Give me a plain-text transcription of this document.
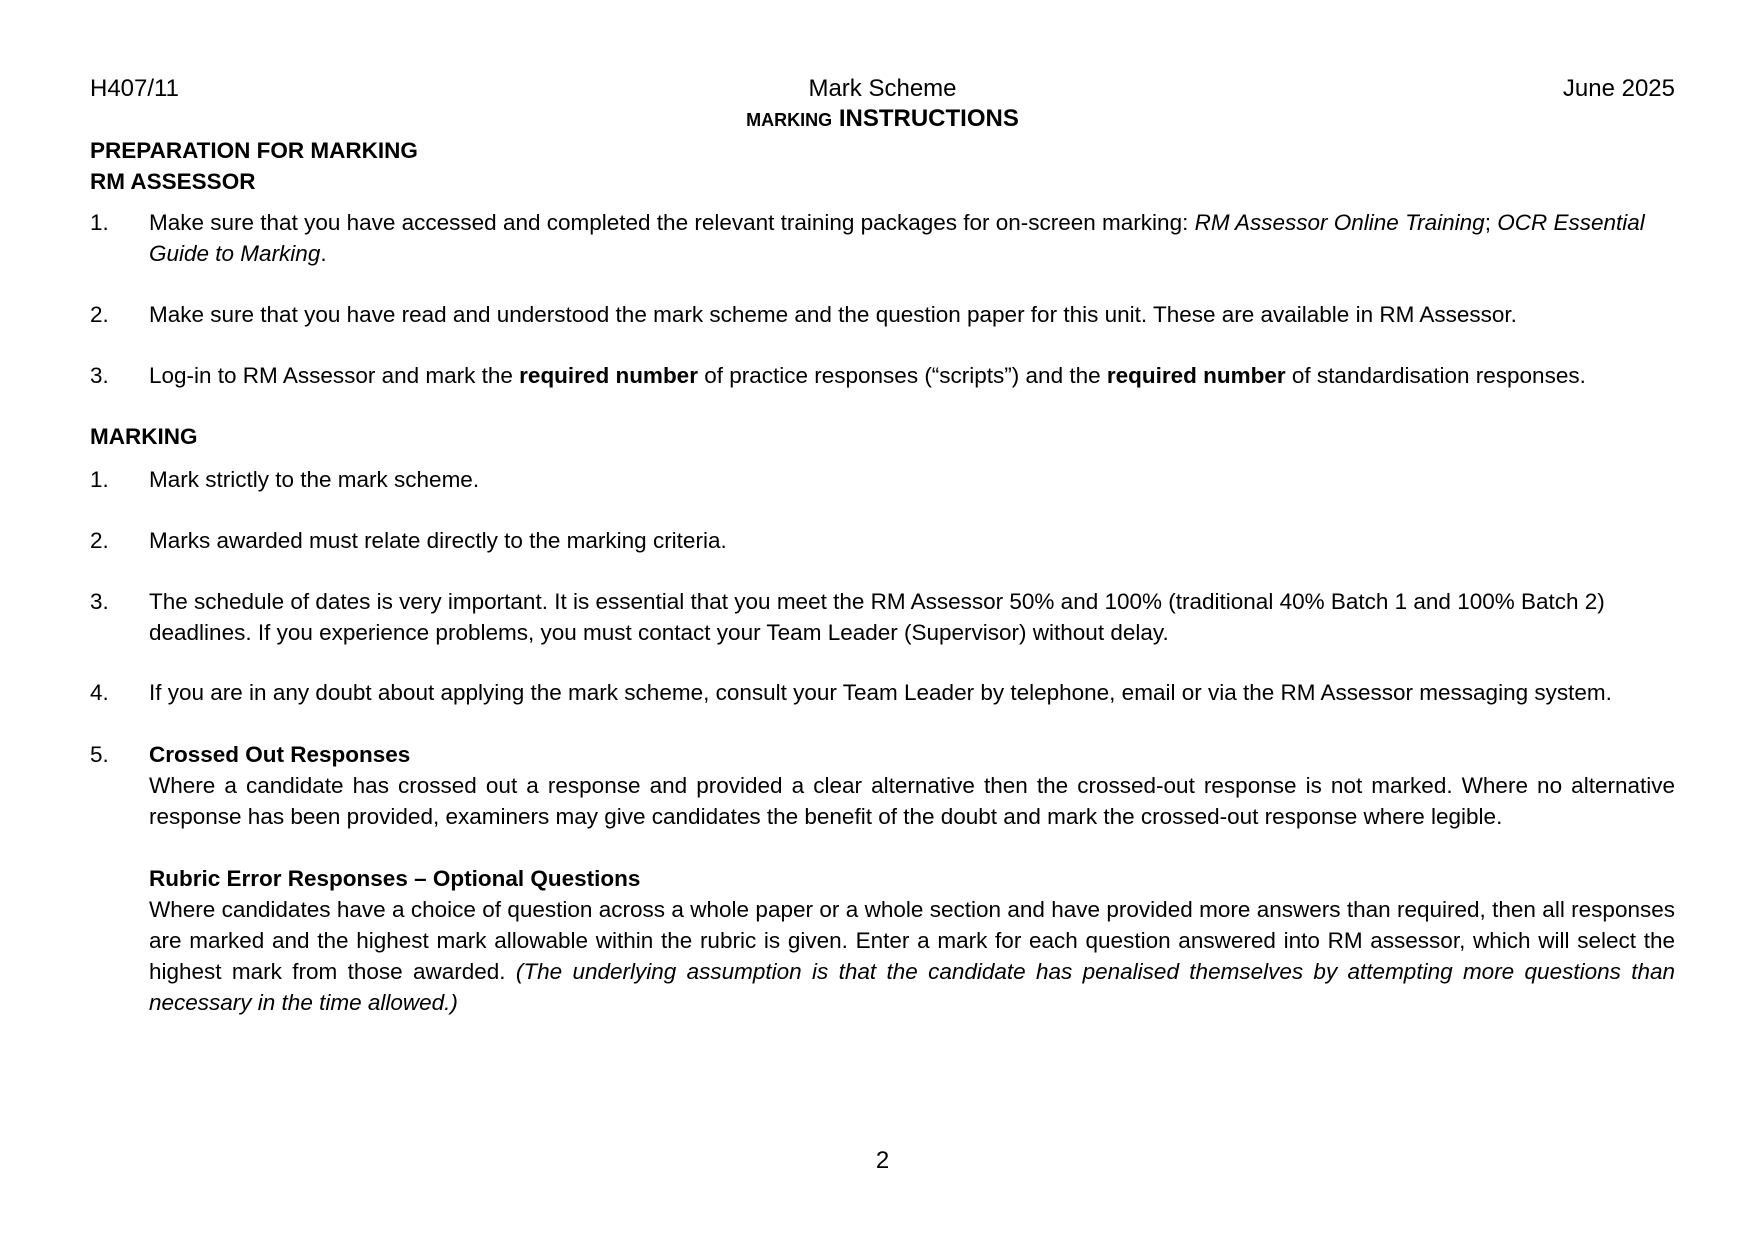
H407/11	Mark Scheme	June 2025
MARKING INSTRUCTIONS
PREPARATION FOR MARKING
RM ASSESSOR
1. Make sure that you have accessed and completed the relevant training packages for on-screen marking: RM Assessor Online Training; OCR Essential Guide to Marking.
2. Make sure that you have read and understood the mark scheme and the question paper for this unit. These are available in RM Assessor.
3. Log-in to RM Assessor and mark the required number of practice responses (“scripts”) and the required number of standardisation responses.
MARKING
1. Mark strictly to the mark scheme.
2. Marks awarded must relate directly to the marking criteria.
3. The schedule of dates is very important. It is essential that you meet the RM Assessor 50% and 100% (traditional 40% Batch 1 and 100% Batch 2) deadlines. If you experience problems, you must contact your Team Leader (Supervisor) without delay.
4. If you are in any doubt about applying the mark scheme, consult your Team Leader by telephone, email or via the RM Assessor messaging system.
5. Crossed Out Responses
Where a candidate has crossed out a response and provided a clear alternative then the crossed-out response is not marked. Where no alternative response has been provided, examiners may give candidates the benefit of the doubt and mark the crossed-out response where legible.
Rubric Error Responses – Optional Questions
Where candidates have a choice of question across a whole paper or a whole section and have provided more answers than required, then all responses are marked and the highest mark allowable within the rubric is given. Enter a mark for each question answered into RM assessor, which will select the highest mark from those awarded. (The underlying assumption is that the candidate has penalised themselves by attempting more questions than necessary in the time allowed.)
2
